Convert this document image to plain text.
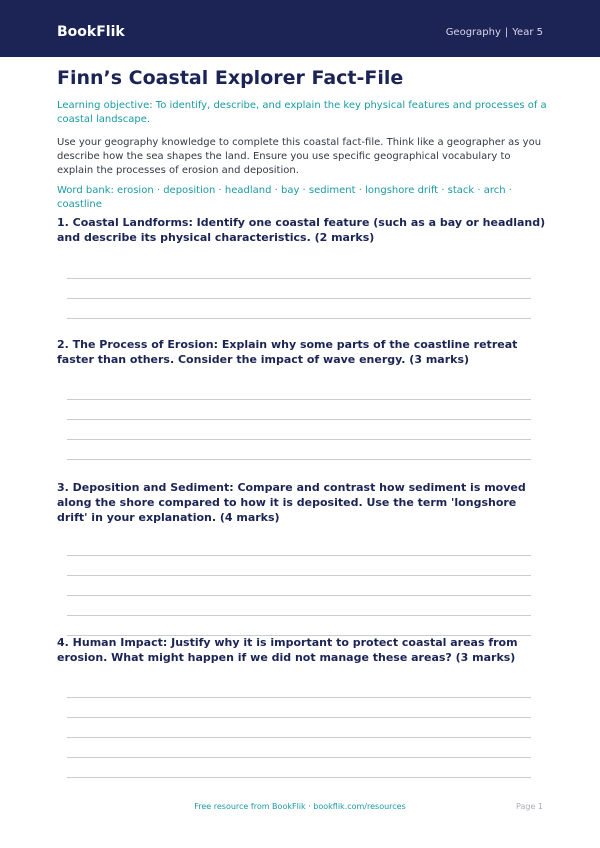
BookFlik	Geography | Year 5
Finn’s Coastal Explorer Fact-File

Learning objective: To identify, describe, and explain the key physical features and processes of a coastal landscape.

Use your geography knowledge to complete this coastal fact-file. Think like a geographer as you describe how the sea shapes the land. Ensure you use specific geographical vocabulary to explain the processes of erosion and deposition.

Word bank: erosion · deposition · headland · bay · sediment · longshore drift · stack · arch · coastline

1. Coastal Landforms: Identify one coastal feature (such as a bay or headland) and describe its physical characteristics. (2 marks)

2. The Process of Erosion: Explain why some parts of the coastline retreat faster than others. Consider the impact of wave energy. (3 marks)

3. Deposition and Sediment: Compare and contrast how sediment is moved along the shore compared to how it is deposited. Use the term 'longshore drift' in your explanation. (4 marks)

4. Human Impact: Justify why it is important to protect coastal areas from erosion. What might happen if we did not manage these areas? (3 marks)

Free resource from BookFlik · bookflik.com/resources	Page 1
